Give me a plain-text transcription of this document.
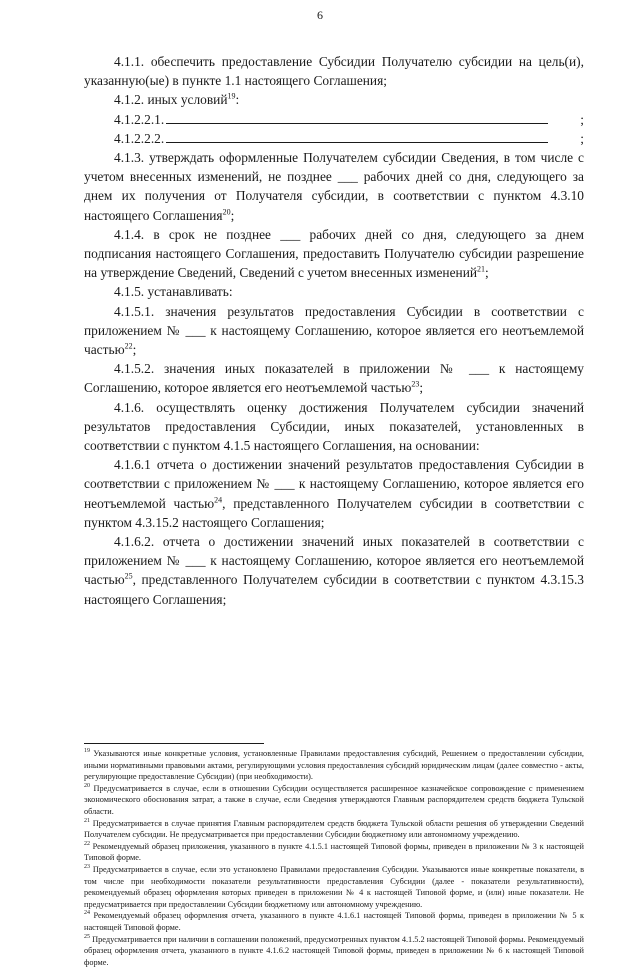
6

4.1.1. обеспечить предоставление Субсидии Получателю субсидии на цель(и), указанную(ые) в пункте 1.1 настоящего Соглашения;

4.1.2. иных условий$^{19}$:

4.1.2.2.1.	;

4.1.2.2.2.	;

4.1.3. утверждать оформленные Получателем субсидии Сведения, в том числе с учетом внесенных изменений, не позднее ___ рабочих дней со дня, следующего за днем их получения от Получателя субсидии, в соответствии с пунктом 4.3.10 настоящего Соглашения$^{20}$;

4.1.4. в срок не позднее ___ рабочих дней со дня, следующего за днем подписания настоящего Соглашения, предоставить Получателю субсидии разрешение на утверждение Сведений, Сведений с учетом внесенных изменений$^{21}$;

4.1.5. устанавливать:

4.1.5.1. значения результатов предоставления Субсидии в соответствии с приложением № ___ к настоящему Соглашению, которое является его неотъемлемой частью$^{22}$;

4.1.5.2. значения иных показателей в приложении № ___ к настоящему Соглашению, которое является его неотъемлемой частью$^{23}$;

4.1.6. осуществлять оценку достижения Получателем субсидии значений результатов предоставления Субсидии, иных показателей, установленных в соответствии с пунктом 4.1.5 настоящего Соглашения, на основании:

4.1.6.1 отчета о достижении значений результатов предоставления Субсидии в соответствии с приложением № ___ к настоящему Соглашению, которое является его неотъемлемой частью$^{24}$, представленного Получателем субсидии в соответствии с пунктом 4.3.15.2 настоящего Соглашения;

4.1.6.2. отчета о достижении значений иных показателей в соответствии с приложением № ___ к настоящему Соглашению, которое является его неотъемлемой частью$^{25}$, представленного Получателем субсидии в соответствии с пунктом 4.3.15.3 настоящего Соглашения;

$^{19}$ Указываются иные конкретные условия, установленные Правилами предоставления субсидий, Решением о предоставлении субсидии, иными нормативными правовыми актами, регулирующими условия предоставления субсидий юридическим лицам (далее совместно - акты, регулирующие предоставление Субсидии) (при необходимости).

$^{20}$ Предусматривается в случае, если в отношении Субсидии осуществляется расширенное казначейское сопровождение с применением экономического обоснования затрат, а также в случае, если Сведения утверждаются Главным распорядителем средств бюджета Тульской области.

$^{21}$ Предусматривается в случае принятия Главным распорядителем средств бюджета Тульской области решения об утверждении Сведений Получателем субсидии. Не предусматривается при предоставлении Субсидии бюджетному или автономному учреждению.

$^{22}$ Рекомендуемый образец приложения, указанного в пункте 4.1.5.1 настоящей Типовой формы, приведен в приложении № 3 к настоящей Типовой форме.

$^{23}$ Предусматривается в случае, если это установлено Правилами предоставления Субсидии. Указываются иные конкретные показатели, в том числе при необходимости показатели результативности предоставления Субсидии (далее - показатели результативности), рекомендуемый образец оформления которых приведен в приложении № 4 к настоящей Типовой форме, и (или) иные показатели. Не предусматривается при предоставлении Субсидии бюджетному или автономному учреждению.

$^{24}$ Рекомендуемый образец оформления отчета, указанного в пункте 4.1.6.1 настоящей Типовой формы, приведен в приложении № 5 к настоящей Типовой форме.

$^{25}$ Предусматривается при наличии в соглашении положений, предусмотренных пунктом 4.1.5.2 настоящей Типовой формы. Рекомендуемый образец оформления отчета, указанного в пункте 4.1.6.2 настоящей Типовой формы, приведен в приложении № 6 к настоящей Типовой форме.
